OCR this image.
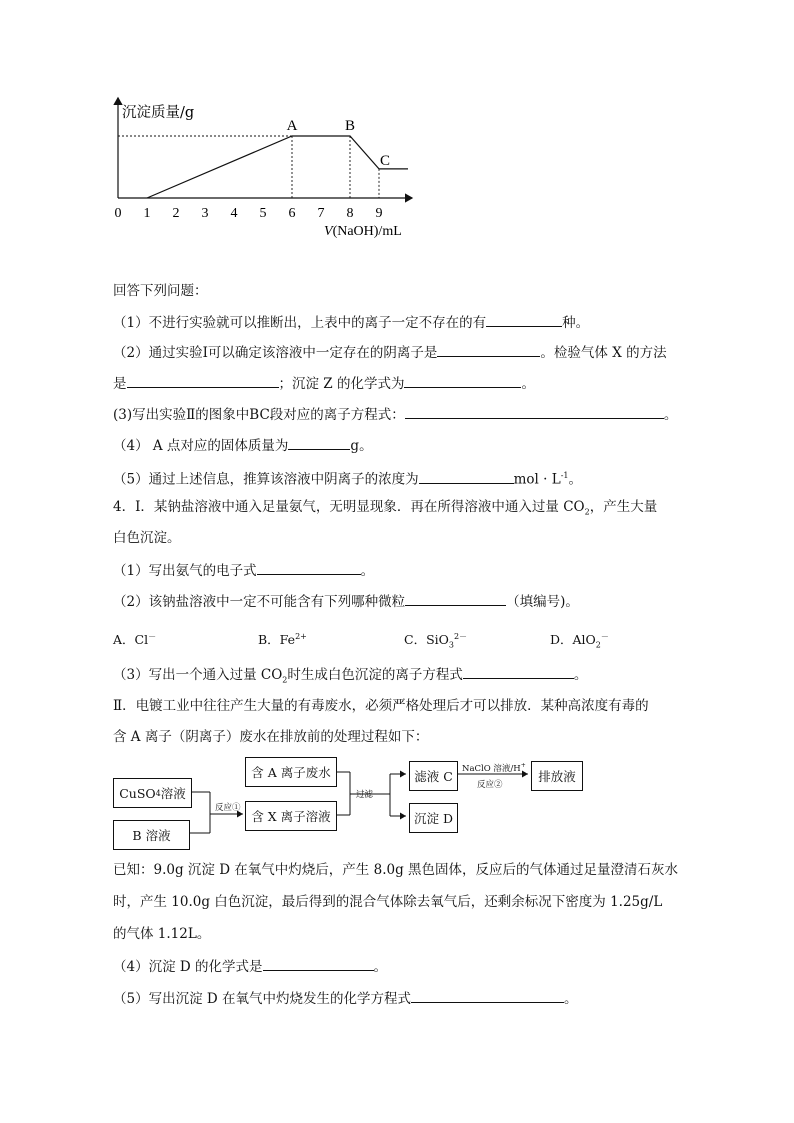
沉淀质量/g
0 1 2 3 4 5 6 7 8 9
V(NaOH)/mL
A	B
C
回答下列问题：
（1）不进行实验就可以推断出，上表中的离子一定不存在的有	种。
（2）通过实验Ⅰ可以确定该溶液中一定存在的阴离子是	。检验气体 X 的方法
是	；沉淀 Z 的化学式为	。
(3)写出实验Ⅱ的图象中BC段对应的离子方程式：	。
（4） A 点对应的固体质量为	g。
（5）通过上述信息，推算该溶液中阴离子的浓度为	mol · $L^{-1}$。
4．Ⅰ．某钠盐溶液中通入足量氨气，无明显现象．再在所得溶液中通入过量 $CO_2$，产生大量
白色沉淀。
（1）写出氨气的电子式	。
（2）该钠盐溶液中一定不可能含有下列哪种微粒	（填编号)。
A．Cl－	B．$Fe^{2+}$	C．SiO$_3^{2-}$	D．AlO$_2$－
（3）写出一个通入过量 $CO_2$时生成白色沉淀的离子方程式	。
Ⅱ．电镀工业中往往产生大量的有毒废水，必须严格处理后才可以排放．某种高浓度有毒的
含 A 离子（阴离子）废水在排放前的处理过程如下：
CuSO 4 溶液
B 溶液
反应①
含 A 离子废水
含 X 离子溶液
过滤
滤液 C
沉淀 D
NaClO 溶液/H+
反应②
排放液
已知：9.0g 沉淀 D 在氧气中灼烧后，产生 8.0g 黑色固体，反应后的气体通过足量澄清石灰水
时，产生 10.0g 白色沉淀，最后得到的混合气体除去氧气后，还剩余标况下密度为 1.25g/L
的气体 1.12L。
（4）沉淀 D 的化学式是	。
（5）写出沉淀 D 在氧气中灼烧发生的化学方程式	。
